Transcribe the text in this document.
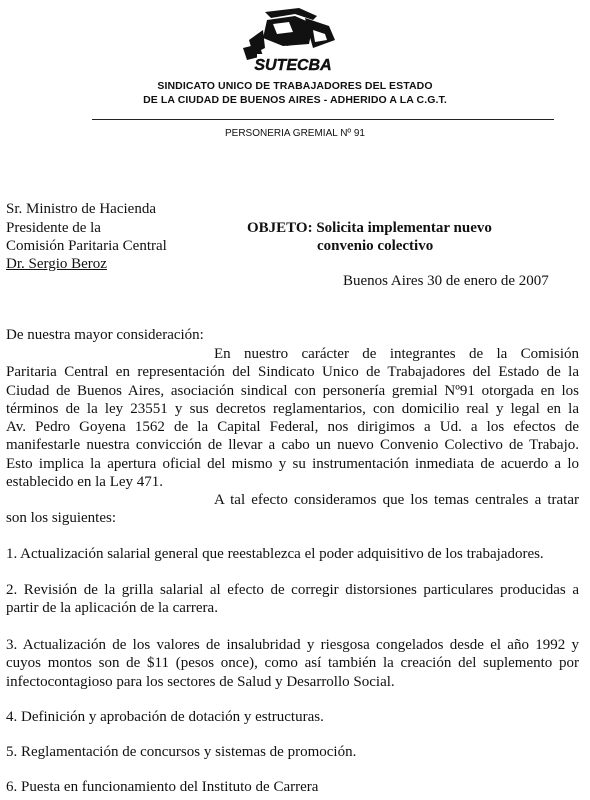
SUTECBA
SINDICATO UNICO DE TRABAJADORES DEL ESTADO
DE LA CIUDAD DE BUENOS AIRES - ADHERIDO A LA C.G.T.
PERSONERIA GREMIAL Nº 91
Sr. Ministro de Hacienda
Presidente de la
Comisión Paritaria Central
Dr. Sergio Beroz
OBJETO: Solicita implementar nuevo
convenio colectivo
Buenos Aires 30 de enero de 2007
De nuestra mayor consideración:
En nuestro carácter de integrantes de la Comisión
Paritaria Central en representación del Sindicato Unico de Trabajadores del Estado de la
Ciudad de Buenos Aires, asociación sindical con personería gremial Nº91 otorgada en los
términos de la ley 23551 y sus decretos reglamentarios, con domicilio real y legal en la
Av. Pedro Goyena 1562 de la Capital Federal, nos dirigimos a Ud. a los efectos de
manifestarle nuestra convicción de llevar a cabo un nuevo Convenio Colectivo de Trabajo.
Esto implica la apertura oficial del mismo y su instrumentación inmediata de acuerdo a lo
establecido en la Ley 471.
A tal efecto consideramos que los temas centrales a tratar
son los siguientes:
1. Actualización salarial general que reestablezca el poder adquisitivo de los trabajadores.
2. Revisión de la grilla salarial al efecto de corregir distorsiones particulares producidas a
partir de la aplicación de la carrera.
3. Actualización de los valores de insalubridad y riesgosa congelados desde el año 1992 y
cuyos montos son de $11 (pesos once), como así también la creación del suplemento por
infectocontagioso para los sectores de Salud y Desarrollo Social.
4. Definición y aprobación de dotación y estructuras.
5. Reglamentación de concursos y sistemas de promoción.
6. Puesta en funcionamiento del Instituto de Carrera
